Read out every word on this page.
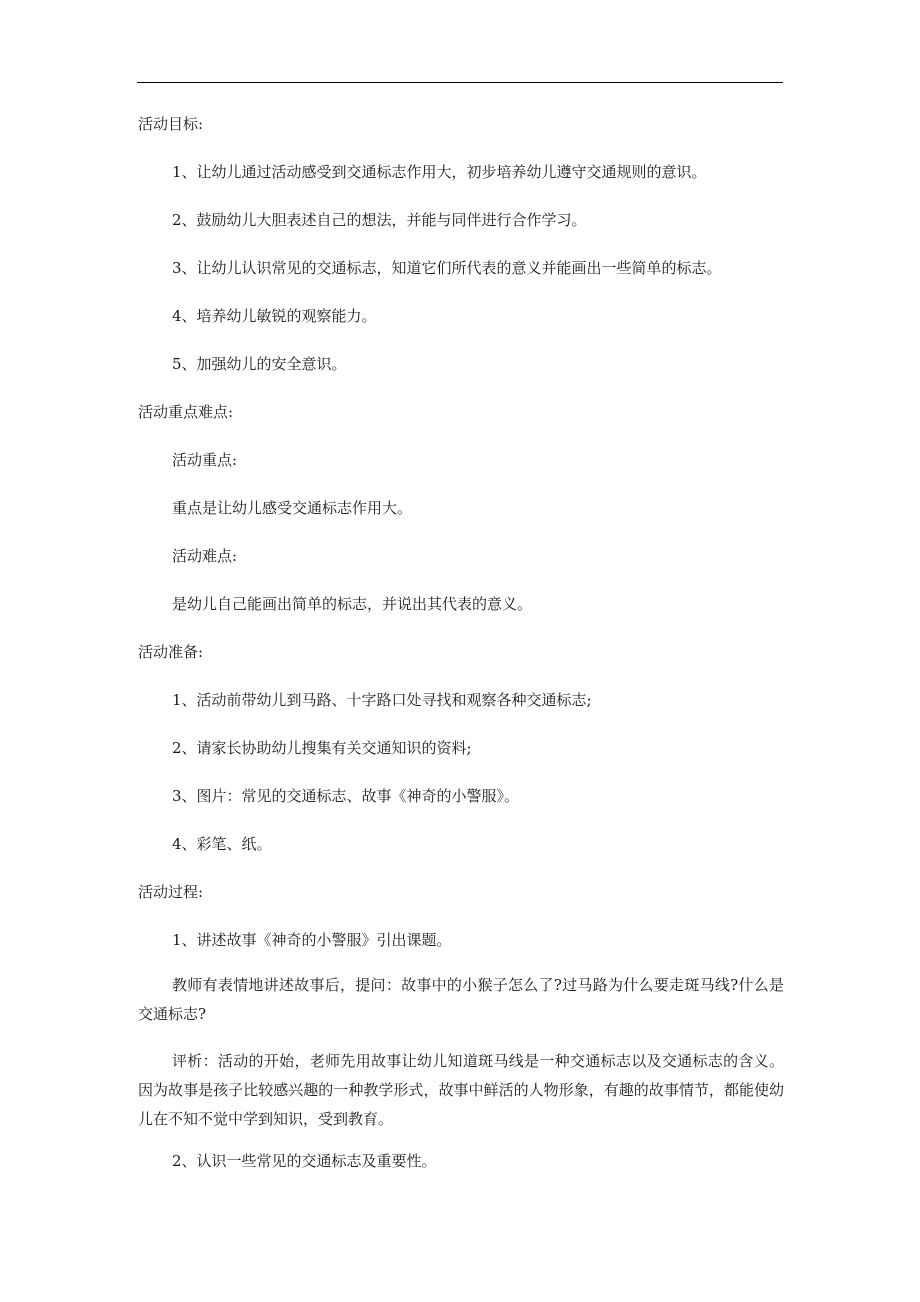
活动目标:
1、让幼儿通过活动感受到交通标志作用大，初步培养幼儿遵守交通规则的意识。
2、鼓励幼儿大胆表述自己的想法，并能与同伴进行合作学习。
3、让幼儿认识常见的交通标志，知道它们所代表的意义并能画出一些简单的标志。
4、培养幼儿敏锐的观察能力。
5、加强幼儿的安全意识。
活动重点难点:
活动重点:
重点是让幼儿感受交通标志作用大。
活动难点:
是幼儿自己能画出简单的标志，并说出其代表的意义。
活动准备:
1、活动前带幼儿到马路、十字路口处寻找和观察各种交通标志;
2、请家长协助幼儿搜集有关交通知识的资料;
3、图片：常见的交通标志、故事《神奇的小警服》。
4、彩笔、纸。
活动过程:
1、讲述故事《神奇的小警服》引出课题。
教师有表情地讲述故事后，提问：故事中的小猴子怎么了?过马路为什么要走斑马线?什么是交通标志?
评析：活动的开始，老师先用故事让幼儿知道斑马线是一种交通标志以及交通标志的含义。因为故事是孩子比较感兴趣的一种教学形式，故事中鲜活的人物形象，有趣的故事情节，都能使幼儿在不知不觉中学到知识，受到教育。
2、认识一些常见的交通标志及重要性。
